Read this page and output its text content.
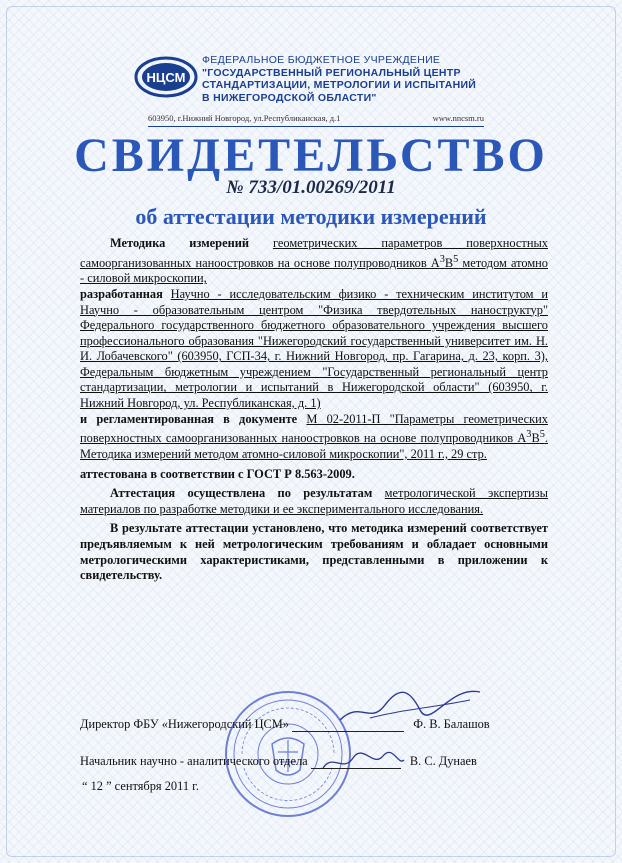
НЦСМ
ФЕДЕРАЛЬНОЕ БЮДЖЕТНОЕ УЧРЕЖДЕНИЕ
"ГОСУДАРСТВЕННЫЙ РЕГИОНАЛЬНЫЙ ЦЕНТР
СТАНДАРТИЗАЦИИ, МЕТРОЛОГИИ И ИСПЫТАНИЙ
В НИЖЕГОРОДСКОЙ ОБЛАСТИ"
603950, г.Нижний Новгород, ул.Республиканская, д.1	www.nncsm.ru
СВИДЕТЕЛЬСТВО
№ 733/01.00269/2011
об аттестации методики измерений

Методика измерений геометрических параметров поверхностных самоорганизованных наноостровков на основе полупроводников $A^3B^5$ методом атомно - силовой микроскопии,

разработанная Научно - исследовательским физико - техническим институтом и Научно - образовательным центром "Физика твердотельных наноструктур" Федерального государственного бюджетного образовательного учреждения высшего профессионального образования "Нижегородский государственный университет им. Н. И. Лобачевского" (603950, ГСП-34, г. Нижний Новгород, пр. Гагарина, д. 23, корп. 3), Федеральным бюджетным учреждением "Государственный региональный центр стандартизации, метрологии и испытаний в Нижегородской области" (603950, г. Нижний Новгород, ул. Республиканская, д. 1)

и регламентированная в документе М 02-2011-П "Параметры геометрических поверхностных самоорганизованных наноостровков на основе полупроводников $A^3B^5$. Методика измерений методом атомно-силовой микроскопии", 2011 г., 29 стр.

аттестована в соответствии с ГОСТ Р 8.563-2009.

Аттестация осуществлена по результатам метрологической экспертизы материалов по разработке методики и ее экспериментального исследования.

В результате аттестации установлено, что методика измерений соответствует предъявляемым к ней метрологическим требованиям и обладает основными метрологическими характеристиками, представленными в приложении к свидетельству.

Директор ФБУ «Нижегородский ЦСМ»	Ф. В. Балашов
Начальник научно - аналитического отдела	В. С. Дунаев
“ 12 ” сентября 2011 г.
